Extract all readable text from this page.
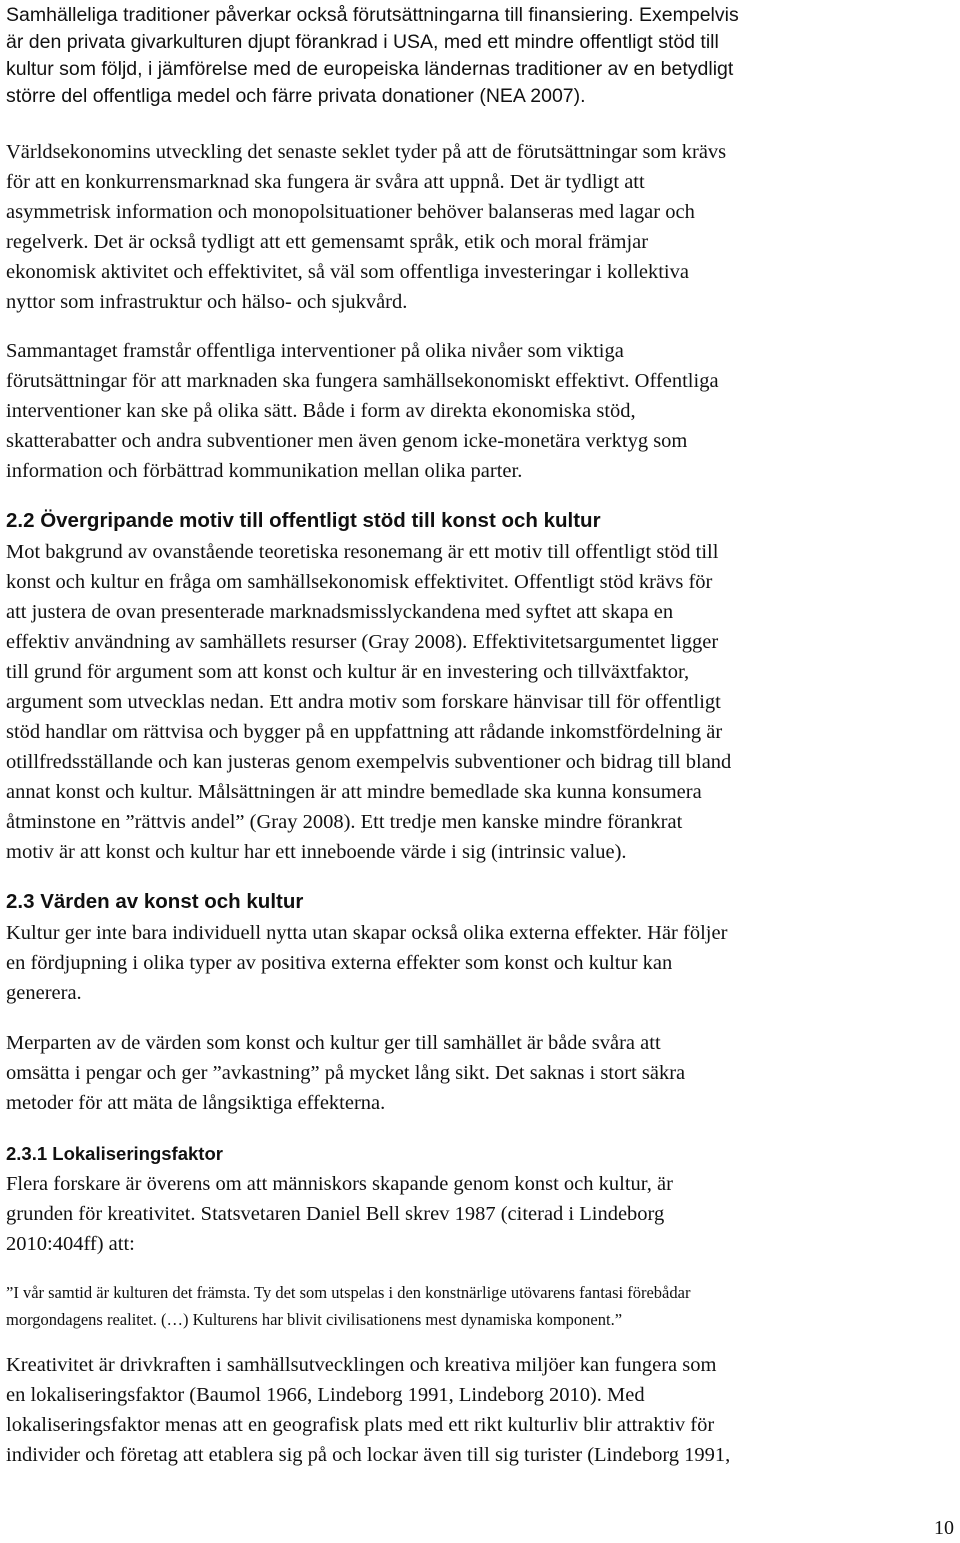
Samhälleliga traditioner påverkar också förutsättningarna till finansiering. Exempelvis
är den privata givarkulturen djupt förankrad i USA, med ett mindre offentligt stöd till
kultur som följd, i jämförelse med de europeiska ländernas traditioner av en betydligt
större del offentliga medel och färre privata donationer (NEA 2007).
Världsekonomins utveckling det senaste seklet tyder på att de förutsättningar som krävs
för att en konkurrensmarknad ska fungera är svåra att uppnå. Det är tydligt att
asymmetrisk information och monopolsituationer behöver balanseras med lagar och
regelverk. Det är också tydligt att ett gemensamt språk, etik och moral främjar
ekonomisk aktivitet och effektivitet, så väl som offentliga investeringar i kollektiva
nyttor som infrastruktur och hälso- och sjukvård.
Sammantaget framstår offentliga interventioner på olika nivåer som viktiga
förutsättningar för att marknaden ska fungera samhällsekonomiskt effektivt. Offentliga
interventioner kan ske på olika sätt. Både i form av direkta ekonomiska stöd,
skatterabatter och andra subventioner men även genom icke-monetära verktyg som
information och förbättrad kommunikation mellan olika parter.
2.2 Övergripande motiv till offentligt stöd till konst och kultur
Mot bakgrund av ovanstående teoretiska resonemang är ett motiv till offentligt stöd till
konst och kultur en fråga om samhällsekonomisk effektivitet. Offentligt stöd krävs för
att justera de ovan presenterade marknadsmisslyckandena med syftet att skapa en
effektiv användning av samhällets resurser (Gray 2008). Effektivitetsargumentet ligger
till grund för argument som att konst och kultur är en investering och tillväxtfaktor,
argument som utvecklas nedan. Ett andra motiv som forskare hänvisar till för offentligt
stöd handlar om rättvisa och bygger på en uppfattning att rådande inkomstfördelning är
otillfredsställande och kan justeras genom exempelvis subventioner och bidrag till bland
annat konst och kultur. Målsättningen är att mindre bemedlade ska kunna konsumera
åtminstone en ”rättvis andel” (Gray 2008). Ett tredje men kanske mindre förankrat
motiv är att konst och kultur har ett inneboende värde i sig (intrinsic value).
2.3 Värden av konst och kultur
Kultur ger inte bara individuell nytta utan skapar också olika externa effekter. Här följer
en fördjupning i olika typer av positiva externa effekter som konst och kultur kan
generera.
Merparten av de värden som konst och kultur ger till samhället är både svåra att
omsätta i pengar och ger ”avkastning” på mycket lång sikt. Det saknas i stort säkra
metoder för att mäta de långsiktiga effekterna.
2.3.1 Lokaliseringsfaktor
Flera forskare är överens om att människors skapande genom konst och kultur, är
grunden för kreativitet. Statsvetaren Daniel Bell skrev 1987 (citerad i Lindeborg
2010:404ff) att:
”I vår samtid är kulturen det främsta. Ty det som utspelas i den konstnärlige utövarens fantasi förebådar
morgondagens realitet. (…) Kulturens har blivit civilisationens mest dynamiska komponent.”
Kreativitet är drivkraften i samhällsutvecklingen och kreativa miljöer kan fungera som
en lokaliseringsfaktor (Baumol 1966, Lindeborg 1991, Lindeborg 2010). Med
lokaliseringsfaktor menas att en geografisk plats med ett rikt kulturliv blir attraktiv för
individer och företag att etablera sig på och lockar även till sig turister (Lindeborg 1991,
10
